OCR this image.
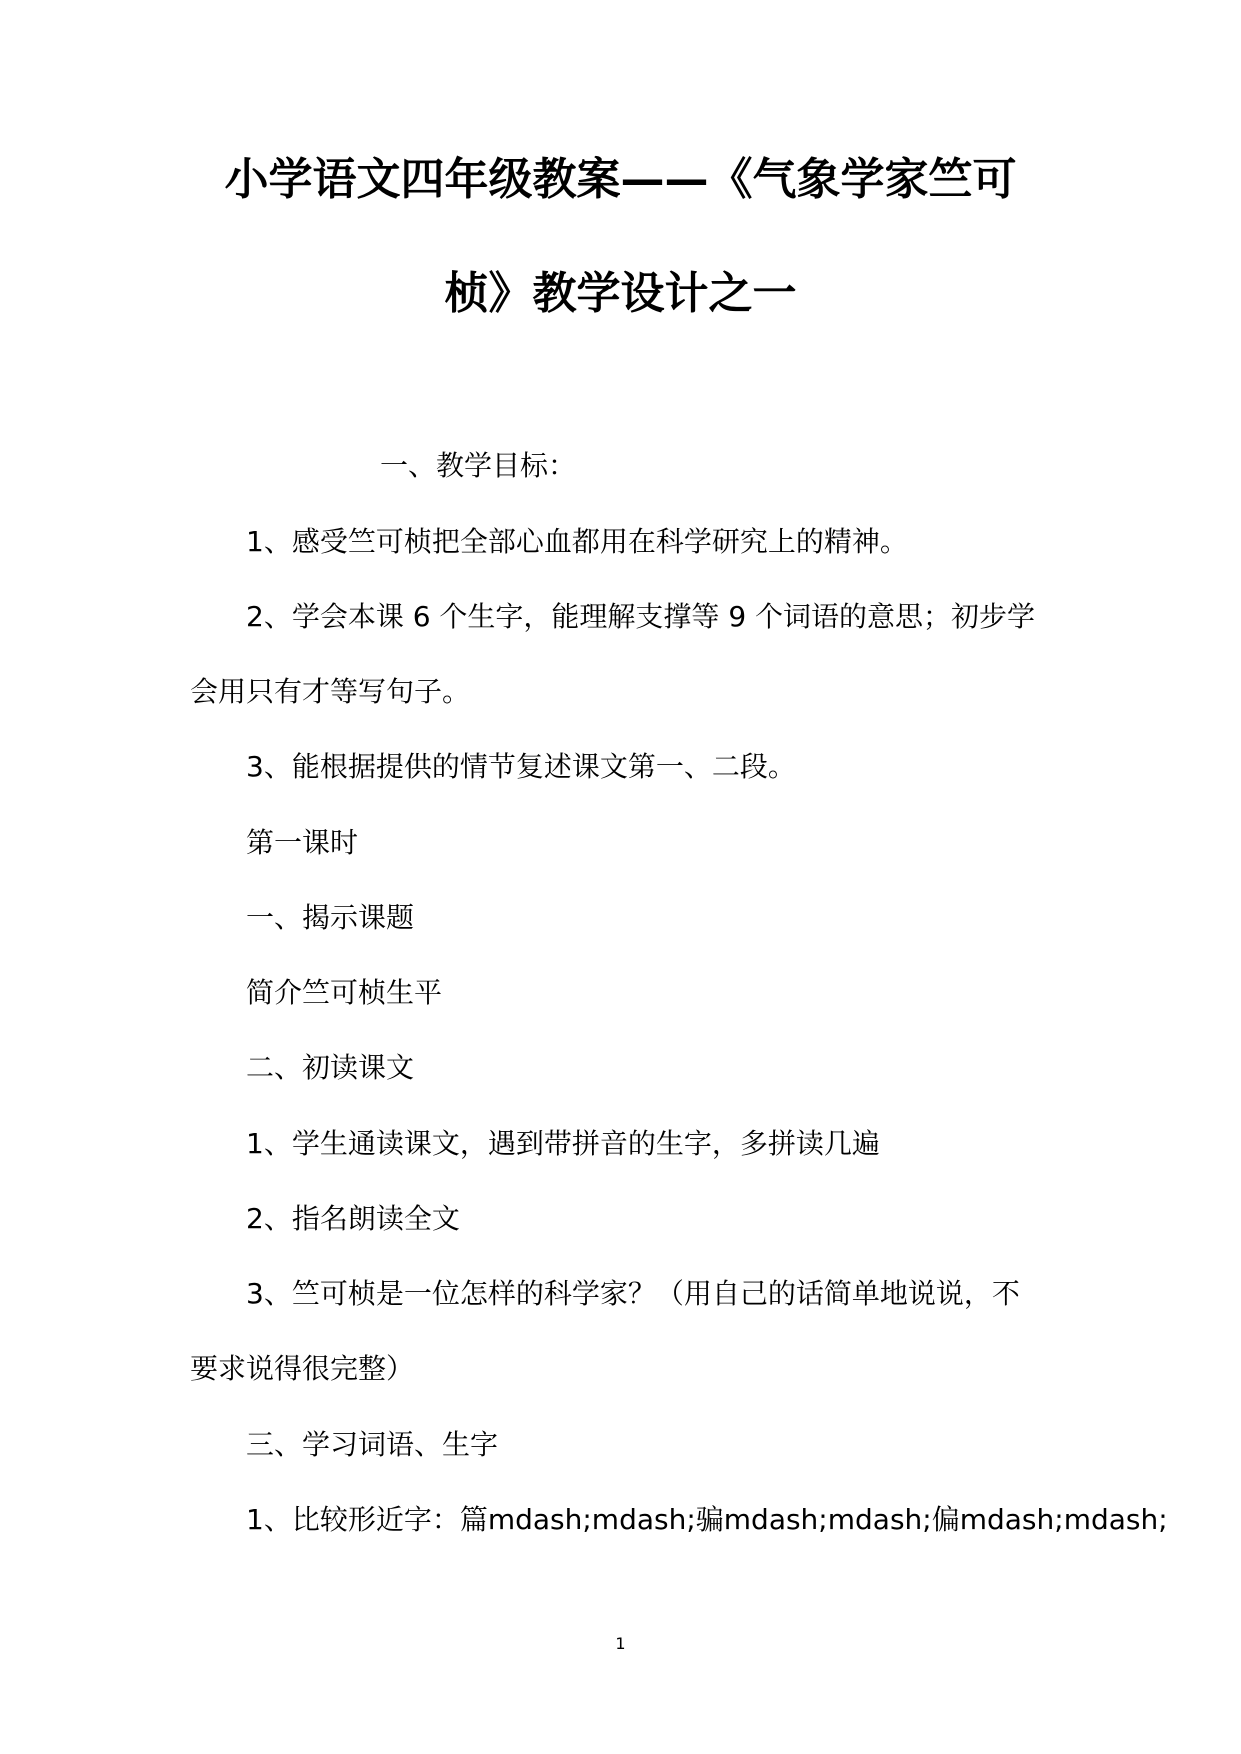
小学语文四年级教案——《气象学家竺可
桢》教学设计之一
一、教学目标：
1、感受竺可桢把全部心血都用在科学研究上的精神。
2、学会本课 6 个生字，能理解支撑等 9 个词语的意思；初步学
会用只有才等写句子。
3、能根据提供的情节复述课文第一、二段。
第一课时
一、揭示课题
简介竺可桢生平
二、初读课文
1、学生通读课文，遇到带拼音的生字，多拼读几遍
2、指名朗读全文
3、竺可桢是一位怎样的科学家？（用自己的话简单地说说，不
要求说得很完整）
三、学习词语、生字
1、比较形近字：篇mdash;mdash;骗mdash;mdash;偏mdash;mdash;
1
